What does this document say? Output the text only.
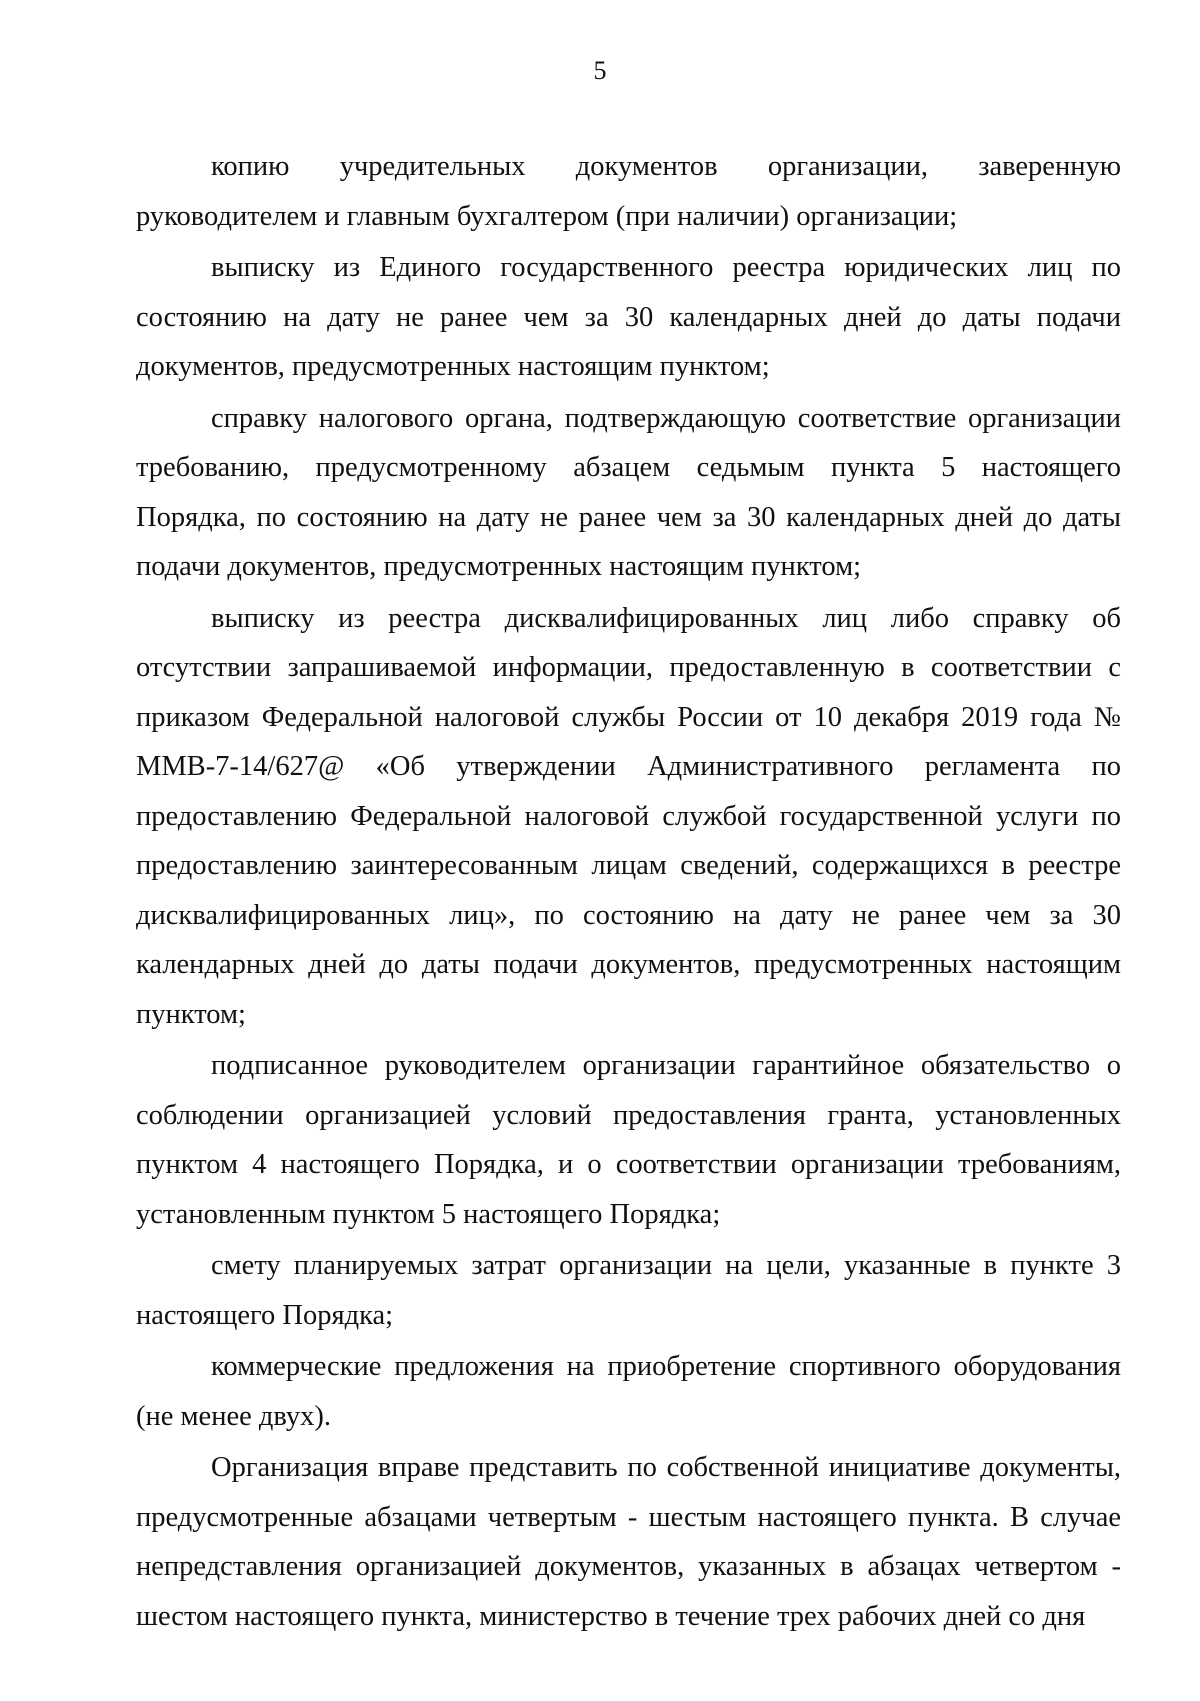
5

копию учредительных документов организации, заверенную руководителем и главным бухгалтером (при наличии) организации;

выписку из Единого государственного реестра юридических лиц по состоянию на дату не ранее чем за 30 календарных дней до даты подачи документов, предусмотренных настоящим пунктом;

справку налогового органа, подтверждающую соответствие организации требованию, предусмотренному абзацем седьмым пункта 5 настоящего Порядка, по состоянию на дату не ранее чем за 30 календарных дней до даты подачи документов, предусмотренных настоящим пунктом;

выписку из реестра дисквалифицированных лиц либо справку об отсутствии запрашиваемой информации, предоставленную в соответствии с приказом Федеральной налоговой службы России от 10 декабря 2019 года № ММВ-7-14/627@ «Об утверждении Административного регламента по предоставлению Федеральной налоговой службой государственной услуги по предоставлению заинтересованным лицам сведений, содержащихся в реестре дисквалифицированных лиц», по состоянию на дату не ранее чем за 30 календарных дней до даты подачи документов, предусмотренных настоящим пунктом;

подписанное руководителем организации гарантийное обязательство о соблюдении организацией условий предоставления гранта, установленных пунктом 4 настоящего Порядка, и о соответствии организации требованиям, установленным пунктом 5 настоящего Порядка;

смету планируемых затрат организации на цели, указанные в пункте 3 настоящего Порядка;

коммерческие предложения на приобретение спортивного оборудования (не менее двух).

Организация вправе представить по собственной инициативе документы, предусмотренные абзацами четвертым - шестым настоящего пункта. В случае непредставления организацией документов, указанных в абзацах четвертом - шестом настоящего пункта, министерство в течение трех рабочих дней со дня
